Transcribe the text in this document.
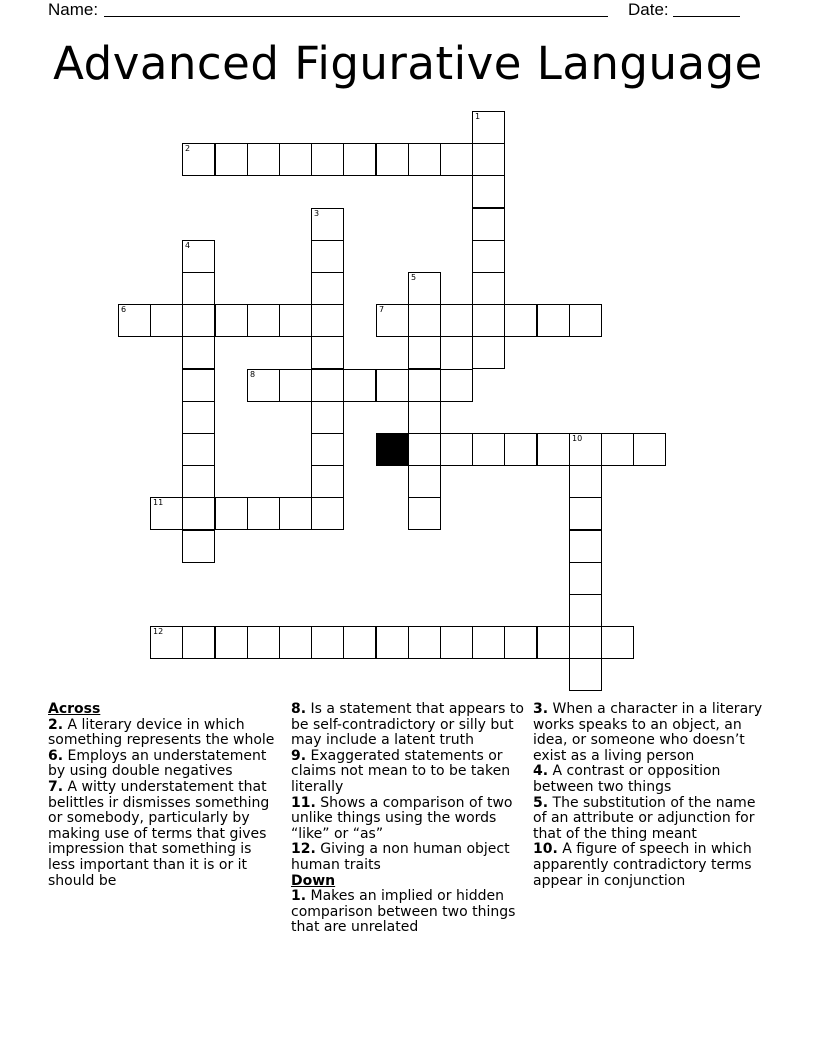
Name:	Date:
Advanced Figurative Language
2
6	7
8
9	10
11
12
1
3
4
5
Across
2. A literary device in which something represents the whole
6. Employs an understatement by using double negatives
7. A witty understatement that belittles ir dismisses something or somebody, particularly by making use of terms that gives impression that something is less important than it is or it should be
8. Is a statement that appears to be self-contradictory or silly but may include a latent truth
9. Exaggerated statements or claims not mean to to be taken literally
11. Shows a comparison of two unlike things using the words “like” or “as”
12. Giving a non human object human traits
Down
1. Makes an implied or hidden comparison between two things that are unrelated
3. When a character in a literary works speaks to an object, an idea, or someone who doesn’t exist as a living person
4. A contrast or opposition between two things
5. The substitution of the name of an attribute or adjunction for that of the thing meant
10. A figure of speech in which apparently contradictory terms appear in conjunction
